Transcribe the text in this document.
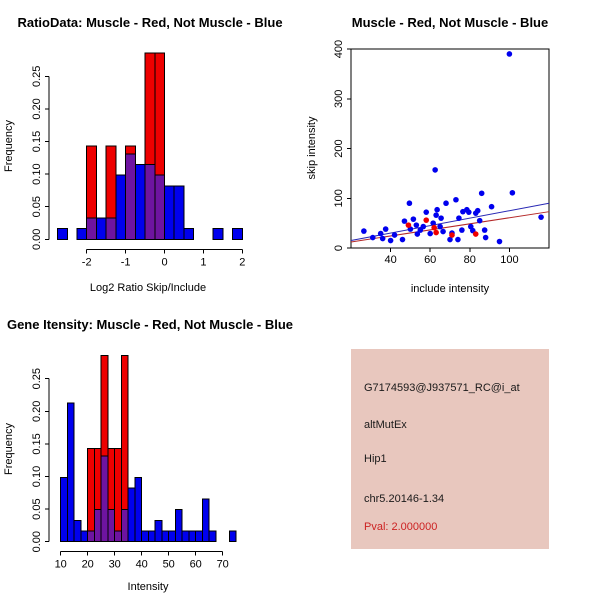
-2	-1	0	1	2
0.00
0.05
0.10
0.15
0.20
0.25
RatioData: Muscle - Red, Not Muscle - Blue
Log2 Ratio Skip/Include
Frequency
40 60 80 100
0
100
200
300
400
Muscle - Red, Not Muscle - Blue
include intensity
skip intensity
10 20 30 40 50 60 70
0.00
0.05
0.10
0.15
0.20
0.25
Gene Itensity: Muscle - Red, Not Muscle - Blue
Intensity
Frequency
G7174593@J937571_RC@i_at
altMutEx
Hip1
chr5.20146-1.34
Pval: 2.000000
